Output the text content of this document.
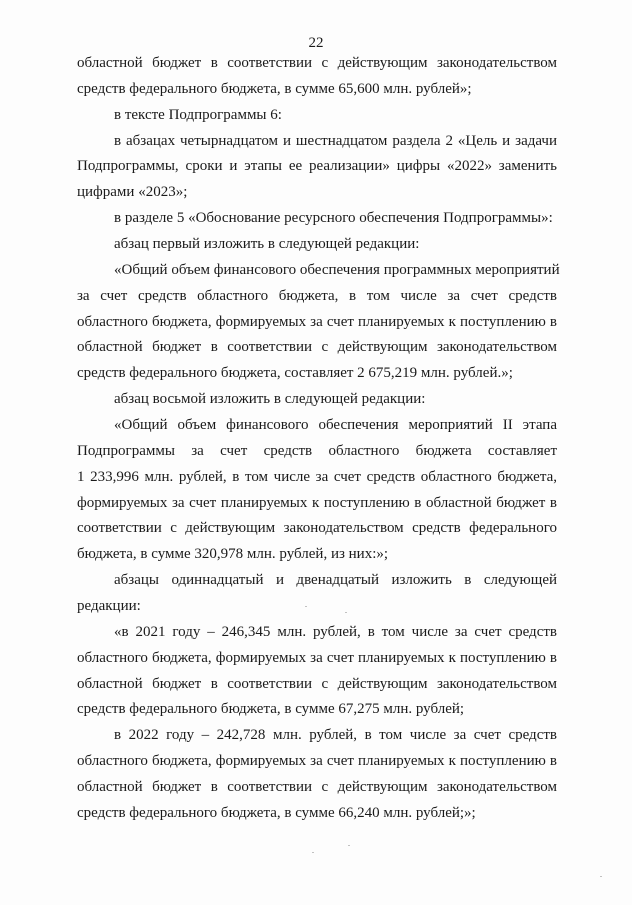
22
областной бюджет в соответствии с действующим законодательством
средств федерального бюджета, в сумме 65,600 млн. рублей»;
в тексте Подпрограммы 6:
в абзацах четырнадцатом и шестнадцатом раздела 2 «Цель и задачи
Подпрограммы, сроки и этапы ее реализации» цифры «2022» заменить
цифрами «2023»;
в разделе 5 «Обоснование ресурсного обеспечения Подпрограммы»:
абзац первый изложить в следующей редакции:
«Общий объем финансового обеспечения программных мероприятий
за счет средств областного бюджета, в том числе за счет средств
областного бюджета, формируемых за счет планируемых к поступлению в
областной бюджет в соответствии с действующим законодательством
средств федерального бюджета, составляет 2 675,219 млн. рублей.»;
абзац восьмой изложить в следующей редакции:
«Общий объем финансового обеспечения мероприятий II этапа
Подпрограммы за счет средств областного бюджета составляет
1 233,996 млн. рублей, в том числе за счет средств областного бюджета,
формируемых за счет планируемых к поступлению в областной бюджет в
соответствии с действующим законодательством средств федерального
бюджета, в сумме 320,978 млн. рублей, из них:»;
абзацы одиннадцатый и двенадцатый изложить в следующей
редакции:
«в 2021 году – 246,345 млн. рублей, в том числе за счет средств
областного бюджета, формируемых за счет планируемых к поступлению в
областной бюджет в соответствии с действующим законодательством
средств федерального бюджета, в сумме 67,275 млн. рублей;
в 2022 году – 242,728 млн. рублей, в том числе за счет средств
областного бюджета, формируемых за счет планируемых к поступлению в
областной бюджет в соответствии с действующим законодательством
средств федерального бюджета, в сумме 66,240 млн. рублей;»;
